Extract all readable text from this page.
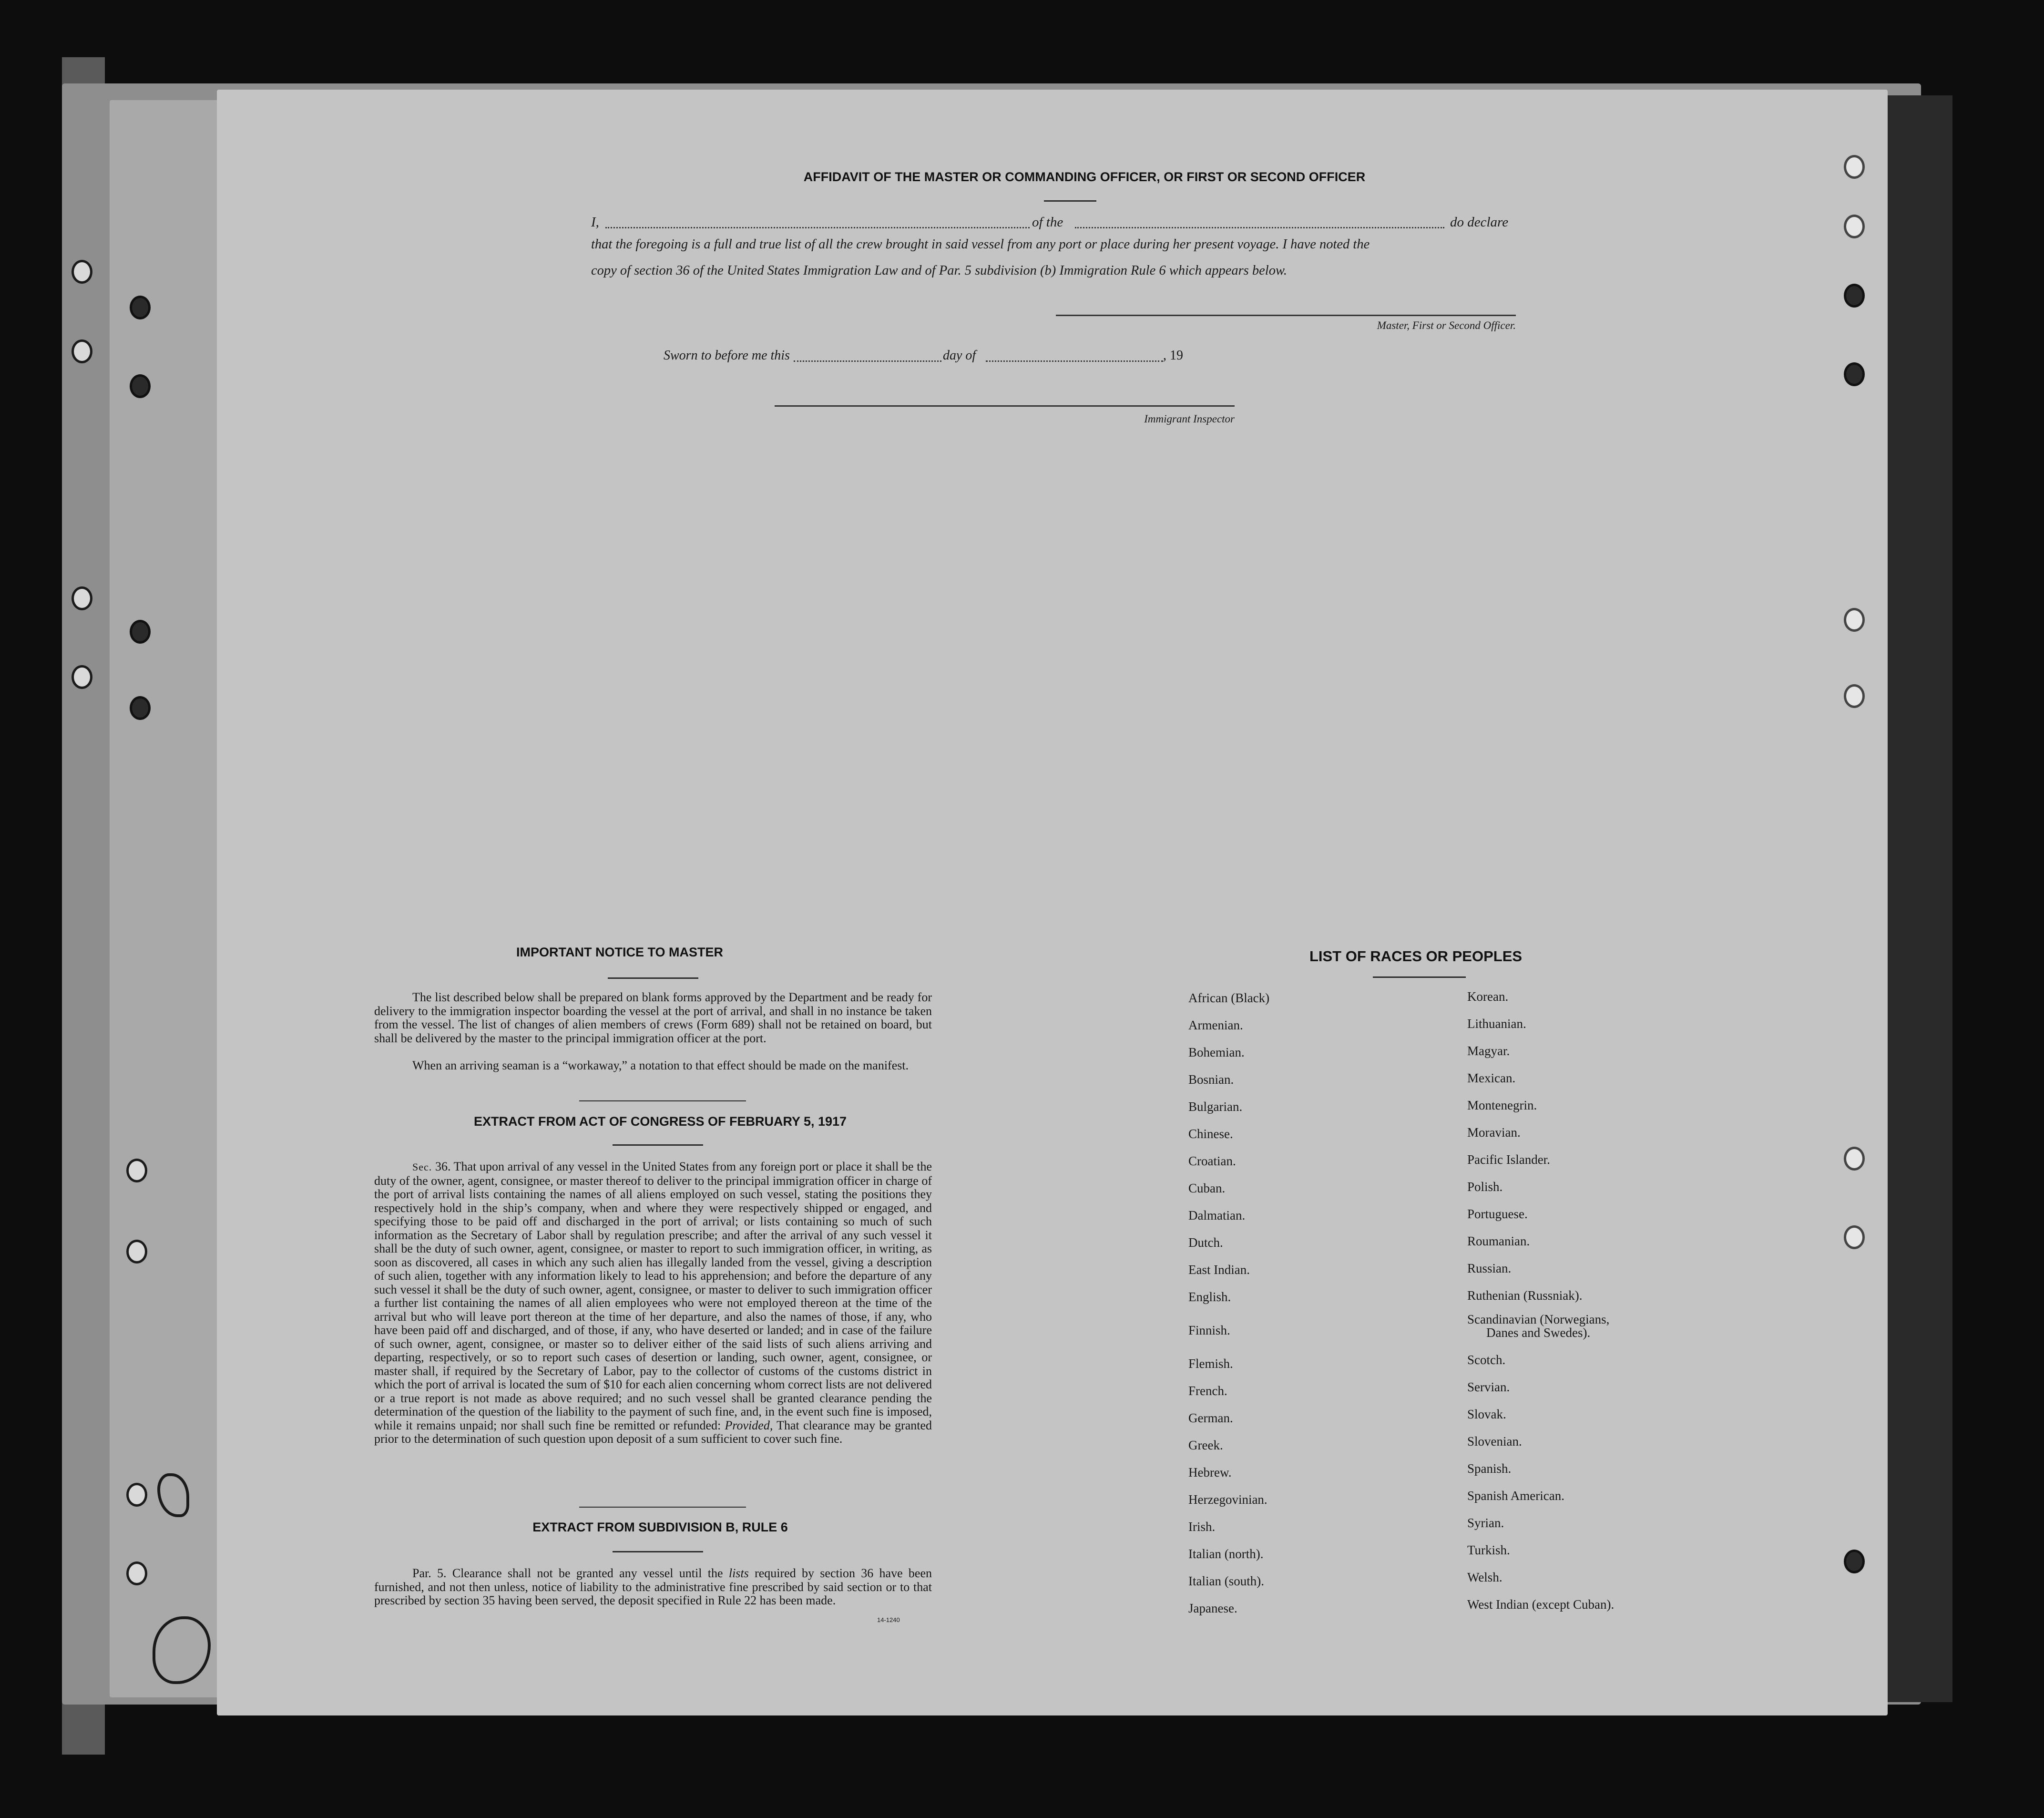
AFFIDAVIT OF THE MASTER OR COMMANDING OFFICER, OR FIRST OR SECOND OFFICER
I,	of the	do declare
that the foregoing is a full and true list of all the crew brought in said vessel from any port or place during her present voyage. I have noted the
copy of section 36 of the United States Immigration Law and of Par. 5 subdivision (b) Immigration Rule 6 which appears below.
Master, First or Second Officer.
Sworn to before me this	day of	, 19
Immigrant Inspector
IMPORTANT NOTICE TO MASTER
The list described below shall be prepared on blank forms approved by the Department and be ready for delivery to the immigration inspector boarding the vessel at the port of arrival, and shall in no instance be taken from the vessel. The list of changes of alien members of crews (Form 689) shall not be retained on board, but shall be delivered by the master to the principal immigration officer at the port.
When an arriving seaman is a “workaway,” a notation to that effect should be made on the manifest.
EXTRACT FROM ACT OF CONGRESS OF FEBRUARY 5, 1917
Sec. 36. That upon arrival of any vessel in the United States from any foreign port or place it shall be the duty of the owner, agent, consignee, or master thereof to deliver to the principal immigration officer in charge of the port of arrival lists containing the names of all aliens employed on such vessel, stating the positions they respectively hold in the ship’s company, when and where they were respectively shipped or engaged, and specifying those to be paid off and discharged in the port of arrival; or lists containing so much of such information as the Secretary of Labor shall by regulation prescribe; and after the arrival of any such vessel it shall be the duty of such owner, agent, consignee, or master to report to such immigration officer, in writing, as soon as discovered, all cases in which any such alien has illegally landed from the vessel, giving a description of such alien, together with any information likely to lead to his apprehension; and before the departure of any such vessel it shall be the duty of such owner, agent, consignee, or master to deliver to such immigration officer a further list containing the names of all alien employees who were not employed thereon at the time of the arrival but who will leave port thereon at the time of her departure, and also the names of those, if any, who have been paid off and discharged, and of those, if any, who have deserted or landed; and in case of the failure of such owner, agent, consignee, or master so to deliver either of the said lists of such aliens arriving and departing, respectively, or so to report such cases of desertion or landing, such owner, agent, consignee, or master shall, if required by the Secretary of Labor, pay to the collector of customs of the customs district in which the port of arrival is located the sum of $10 for each alien concerning whom correct lists are not delivered or a true report is not made as above required; and no such vessel shall be granted clearance pending the determination of the question of the liability to the payment of such fine, and, in the event such fine is imposed, while it remains unpaid; nor shall such fine be remitted or refunded: Provided, That clearance may be granted prior to the determination of such question upon deposit of a sum sufficient to cover such fine.
EXTRACT FROM SUBDIVISION B, RULE 6
Par. 5. Clearance shall not be granted any vessel until the lists required by section 36 have been furnished, and not then unless, notice of liability to the administrative fine prescribed by said section or to that prescribed by section 35 having been served, the deposit specified in Rule 22 has been made.
14-1240
LIST OF RACES OR PEOPLES
African (Black)
Armenian.
Bohemian.
Bosnian.
Bulgarian.
Chinese.
Croatian.
Cuban.
Dalmatian.
Dutch.
East Indian.
English.
Finnish.
Flemish.
French.
German.
Greek.
Hebrew.
Herzegovinian.
Irish.
Italian (north).
Italian (south).
Japanese.
Korean.
Lithuanian.
Magyar.
Mexican.
Montenegrin.
Moravian.
Pacific Islander.
Polish.
Portuguese.
Roumanian.
Russian.
Ruthenian (Russniak).
Scandinavian (Norwegians,
Danes and Swedes).
Scotch.
Servian.
Slovak.
Slovenian.
Spanish.
Spanish American.
Syrian.
Turkish.
Welsh.
West Indian (except Cuban).
